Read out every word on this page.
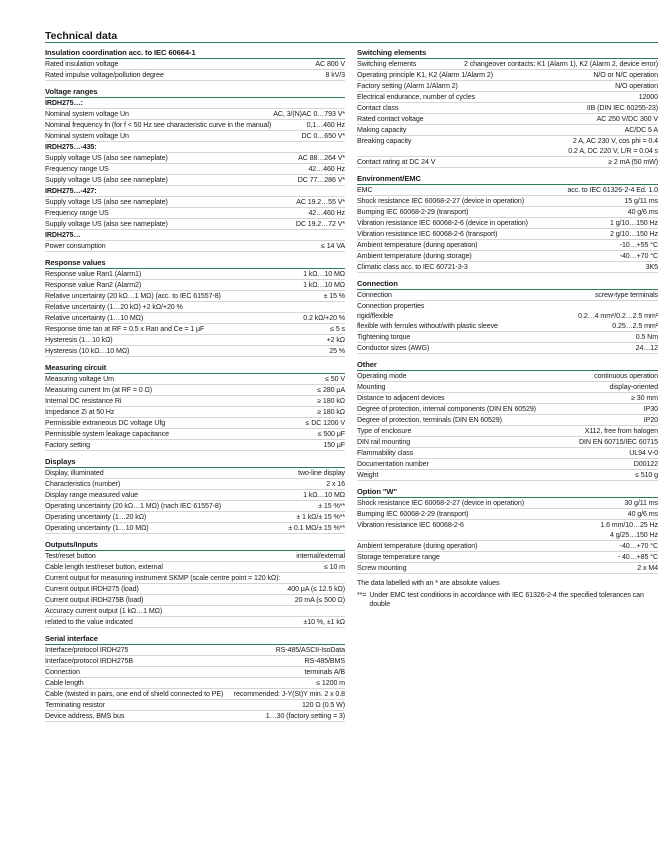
Technical data
Insulation coordination acc. to IEC 60664-1
Rated insulation voltage	AC 800 V
Rated impulse voltage/pollution degree	8 kV/3
Voltage ranges
IRDH275…:
Nominal system voltage Un	AC, 3/(N)AC 0…793 V*
Nominal frequency fn (for f < 50 Hz see characteristic curve in the manual)	0,1…460 Hz
Nominal system voltage Un	DC 0…650 V*
IRDH275…-435:
Supply voltage US (also see nameplate)	AC 88…264 V*
Frequency range US	42…460 Hz
Supply voltage US (also see nameplate)	DC 77…286 V*
IRDH275…-427:
Supply voltage US (also see nameplate)	AC 19.2…55 V*
Frequency range US	42…460 Hz
Supply voltage US (also see nameplate)	DC 19.2…72 V*
IRDH275…
Power consumption	≤ 14 VA
Response values
Response value Ran1 (Alarm1)	1 kΩ…10 MΩ
Response value Ran2 (Alarm2)	1 kΩ…10 MΩ
Relative uncertainty (20 kΩ…1 MΩ) (acc. to IEC 61557-8)	± 15 %
Relative uncertainty (1…20 kΩ) +2 kΩ/+20 %
Relative uncertainty (1…10 MΩ)	0.2 kΩ/+20 %
Response time tan at RF = 0.5 x Ran and Ce = 1 μF	≤ 5 s
Hysteresis (1…10 kΩ)	+2 kΩ
Hysteresis (10 kΩ…10 MΩ)	25 %
Measuring circuit
Measuring voltage Um	≤ 50 V
Measuring current Im (at RF = 0 Ω)	≤ 280 μA
Internal DC resistance Ri	≥ 180 kΩ
Impedance Zi at 50 Hz	≥ 180 kΩ
Permissible extraneous DC voltage Ufg	≤ DC 1200 V
Permissible system leakage capacitance	≤ 500 μF
Factory setting	150 μF
Displays
Display, illuminated	two-line display
Characteristics (number)	2 x 16
Display range measured value	1 kΩ…10 MΩ
Operating uncertainty (20 kΩ…1 MΩ) (nach IEC 61557-8)	± 15 %**
Operating uncertainty (1…20 kΩ)	± 1 kΩ/± 15 %**
Operating uncertainty (1…10 MΩ)	± 0.1 MΩ/± 15 %**
Outputs/Inputs
Test/reset button	internal/external
Cable length test/reset button, external	≤ 10 m
Current output for measuring instrument SKMP (scale centre point = 120 kΩ):
Current output IRDH275 (load)	400 μA (≤ 12.5 kΩ)
Current output IRDH275B (load)	20 mA (≤ 500 Ω)
Accuracy current output (1 kΩ…1 MΩ)
related to the value indicated	±10 %, ±1 kΩ
Serial interface
Interface/protocol IRDH275	RS-485/ASCII-IsoData
Interface/protocol IRDH275B	RS-485/BMS
Connection	terminals A/B
Cable length	≤ 1200 m
Cable (twisted in pairs, one end of shield connected to PE)	recommended: J-Y(St)Y min. 2 x 0.8
Terminating resistor	120 Ω (0.5 W)
Device address, BMS bus	1…30 (factory setting = 3)
Switching elements
Switching elements	2 changeover contacts: K1 (Alarm 1), K2 (Alarm 2, device error)
Operating principle K1, K2 (Alarm 1/Alarm 2)	N/O or N/C operation
Factory setting (Alarm 1/Alarm 2)	N/O operation
Electrical endurance, number of cycles	12000
Contact class	IIB (DIN IEC 60255-23)
Rated contact voltage	AC 250 V/DC 300 V
Making capacity	AC/DC 5 A
Breaking capacity	2 A, AC 230 V, cos phi = 0.4
0.2 A, DC 220 V, L/R = 0.04 s
Contact rating at DC 24 V	≥ 2 mA (50 mW)
Environment/EMC
EMC	acc. to IEC 61326-2-4 Ed. 1.0
Shock resistance IEC 60068-2-27 (device in operation)	15 g/11 ms
Bumping IEC 60068-2-29 (transport)	40 g/6 ms
Vibration resistance IEC 60068-2-6 (device in operation)	1 g/10…150 Hz
Vibration resistance IEC 60068-2-6 (transport)	2 g/10…150 Hz
Ambient temperature (during operation)	-10…+55 °C
Ambient temperature (during storage)	-40…+70 °C
Climatic class acc. to IEC 60721-3-3	3K5
Connection
Connection	screw-type terminals
Connection properties
rigid/flexible	0.2…4 mm²/0.2…2.5 mm²
flexible with ferrules without/with plastic sleeve	0.25…2.5 mm²
Tightening torque	0.5 Nm
Conductor sizes (AWG)	24…12
Other
Operating mode	continuous operation
Mounting	display-oriented
Distance to adjacent devices	≥ 30 mm
Degree of protection, internal components (DIN EN 60529)	IP30
Degree of protection, terminals (DIN EN 60529)	IP20
Type of enclosure	X112, free from halogen
DIN rail mounting	DIN EN 60715/IEC 60715
Flammability class	UL94 V-0
Documentation number	D00122
Weight	≤ 510 g
Option "W"
Shock resistance IEC 60068-2-27 (device in operation)	30 g/11 ms
Bumping IEC 60068-2-29 (transport)	40 g/6 ms
Vibration resistance IEC 60068-2-6	1.6 mm/10…25 Hz
4 g/25…150 Hz
Ambient temperature (during operation)	-40…+70 °C
Storage temperature range	- 40…+85 °C
Screw mounting	2 x M4
The data labelled with an * are absolute values
**= Under EMC test conditions in accordance with IEC 61326-2-4 the specified tolerances can double
